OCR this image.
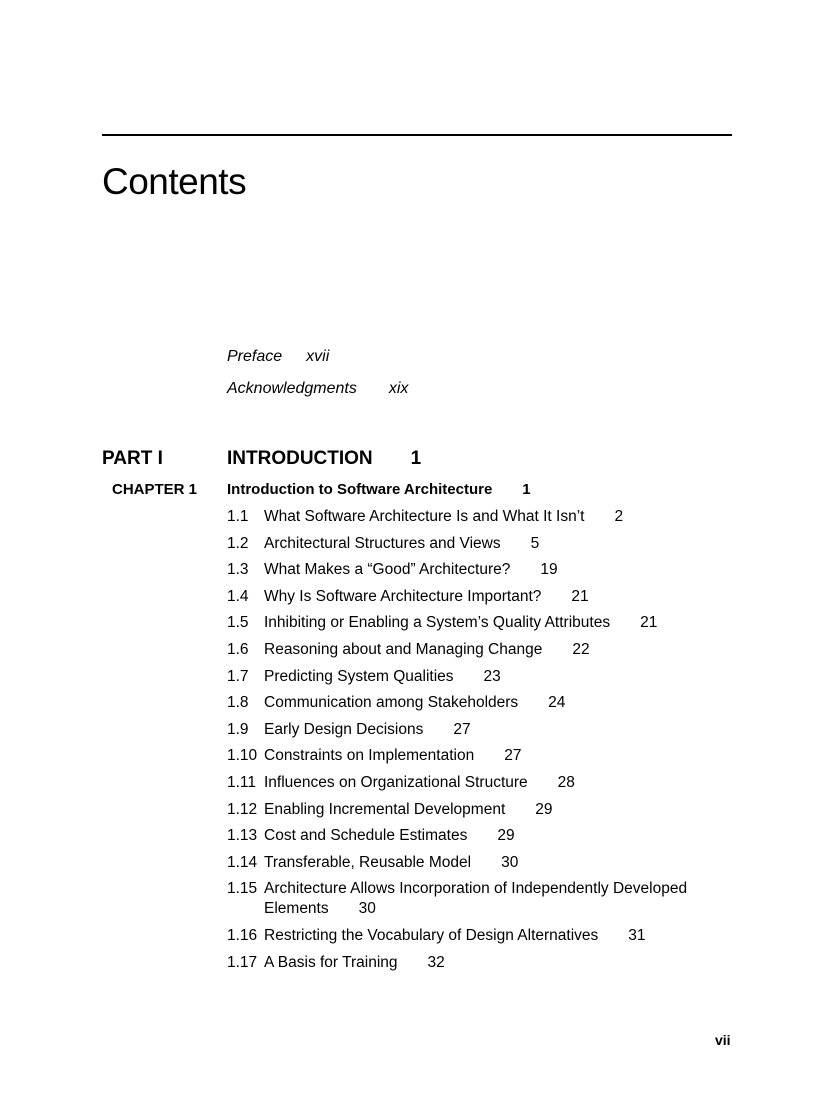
Contents
Preface xvii
Acknowledgments xix
PART I	INTRODUCTION 1
CHAPTER 1 Introduction to Software Architecture 1
1.1 What Software Architecture Is and What It Isn’t 2
1.2 Architectural Structures and Views 5
1.3 What Makes a “Good” Architecture? 19
1.4 Why Is Software Architecture Important? 21
1.5 Inhibiting or Enabling a System’s Quality Attributes 21
1.6 Reasoning about and Managing Change 22
1.7 Predicting System Qualities 23
1.8 Communication among Stakeholders 24
1.9 Early Design Decisions 27
1.10 Constraints on Implementation 27
1.11 Influences on Organizational Structure 28
1.12 Enabling Incremental Development 29
1.13 Cost and Schedule Estimates 29
1.14 Transferable, Reusable Model 30
1.15 Architecture Allows Incorporation of Independently Developed Elements 30
1.16 Restricting the Vocabulary of Design Alternatives 31
1.17 A Basis for Training 32
vii
